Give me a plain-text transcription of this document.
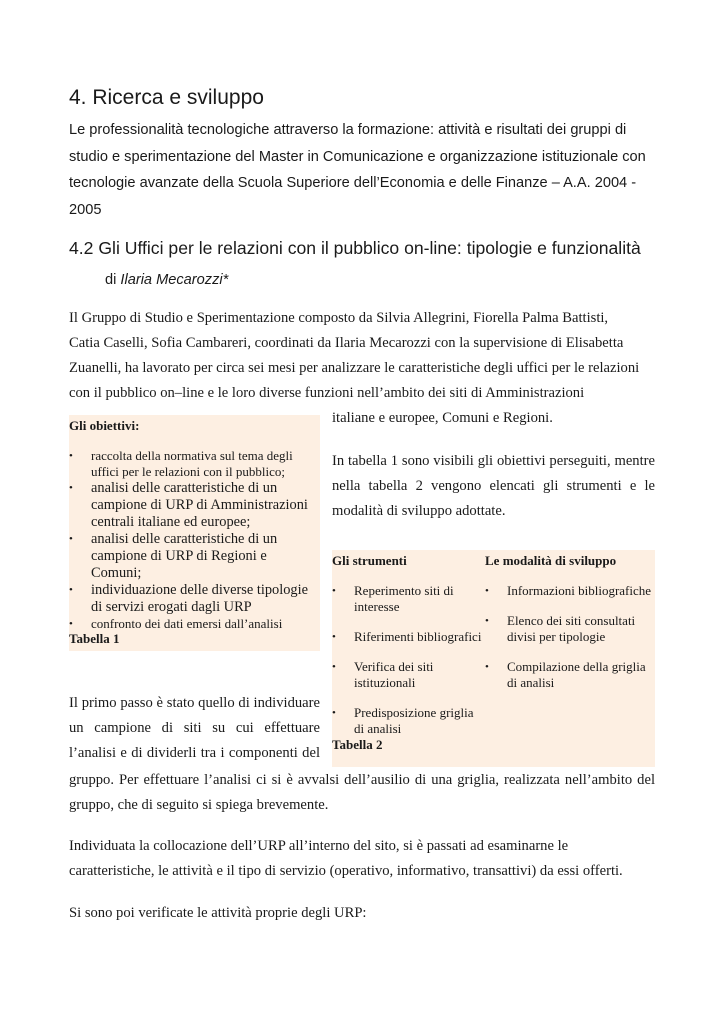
4. Ricerca e sviluppo
Le professionalità tecnologiche attraverso la formazione: attività e risultati dei gruppi di studio e sperimentazione del Master in Comunicazione e organizzazione istituzionale con tecnologie avanzate della Scuola Superiore dell’Economia e delle Finanze – A.A. 2004 - 2005
4.2 Gli Uffici per le relazioni con il pubblico on-line: tipologie e funzionalità
di Ilaria Mecarozzi*
Il Gruppo di Studio e Sperimentazione composto da Silvia Allegrini, Fiorella Palma Battisti,
Catia Caselli, Sofia Cambareri, coordinati da Ilaria Mecarozzi con la supervisione di Elisabetta
Zuanelli, ha lavorato per circa sei mesi per analizzare le caratteristiche degli uffici per le relazioni
con il pubblico on–line e le loro diverse funzioni nell’ambito dei siti di Amministrazioni
italiane e europee, Comuni e Regioni.
In tabella 1 sono visibili gli obiettivi perseguiti, mentre
nella tabella 2 vengono elencati gli strumenti e le
modalità di sviluppo adottate.
Gli obiettivi:
• raccolta della normativa sul tema degli uffici per le relazioni con il pubblico;
• analisi delle caratteristiche di un campione di URP di Amministrazioni centrali italiane ed europee;
• analisi delle caratteristiche di un campione di URP di Regioni e Comuni;
• individuazione delle diverse tipologie di servizi erogati dagli URP
• confronto dei dati emersi dall’analisi
Tabella 1
Gli strumenti	Le modalità di sviluppo
• Reperimento siti di interesse
• Riferimenti bibliografici
• Verifica dei siti istituzionali
• Predisposizione griglia di analisi
• Informazioni bibliografiche
• Elenco dei siti consultati divisi per tipologie
• Compilazione della griglia di analisi
Tabella 2
Il primo passo è stato quello di individuare
un campione di siti su cui effettuare
l’analisi e di dividerli tra i componenti del
gruppo. Per effettuare l’analisi ci si è avvalsi dell’ausilio di una griglia, realizzata nell’ambito del
gruppo, che di seguito si spiega brevemente.
Individuata la collocazione dell’URP all’interno del sito, si è passati ad esaminarne le
caratteristiche, le attività e il tipo di servizio (operativo, informativo, transattivi) da essi offerti.
Si sono poi verificate le attività proprie degli URP:
